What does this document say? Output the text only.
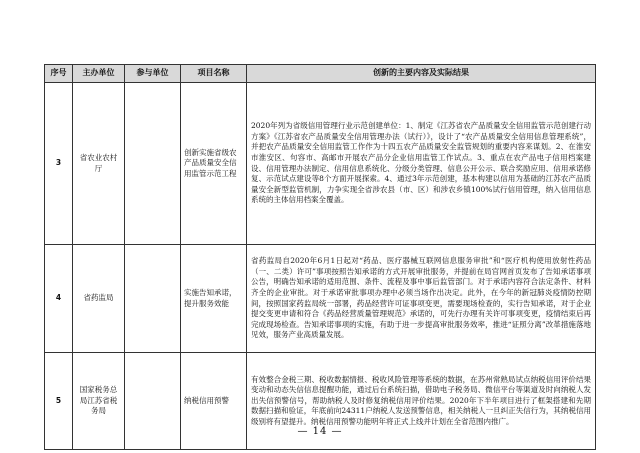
序号	主办单位	参与单位	项目名称	创新的主要内容及实际结果
3	省农业农村厅		创新实施省级农产品质量安全信用监管示范工程	2020年列为省级信用管理行业示范创建单位：1、制定《江苏省农产品质量安全信用监管示范创建行动方案》《江苏省农产品质量安全信用管理办法（试行）》，设计了“农产品质量安全信用信息管理系统”，并把农产品质量安全信用监管工作作为十四五农产品质量安全监管规划的重要内容来谋划。2、在淮安市淮安区、句容市、高邮市开展农产品分企业信用监管工作试点。3、重点在农产品电子信用档案建设、信用管理办法制定、信用信息系统化、分级分类管理、信息公开公示、联合奖励应用、信用承诺修复、示范试点建设等8个方面开展探索。4、通过3年示范创建，基本构建以信用为基础的江苏农产品质量安全新型监管机制，力争实现全省涉农县（市、区）和涉农乡镇100%试行信用管理，纳入信用信息系统的主体信用档案全覆盖。
4	省药监局		实施告知承诺，提升服务效能	省药监局自2020年6月1日起对“药品、医疗器械互联网信息服务审批”和“医疗机构使用放射性药品（一、二类）许可”事项按照告知承诺的方式开展审批服务，并提前在局官网首页发布了告知承诺事项公告，明确告知承诺的适用范围、条件、流程及事中事后监管部门。对于承诺内容符合法定条件、材料齐全的企业审批。对于承诺审批事项办理中必须当场作出决定。此外，在今年的新冠肺炎疫情防控期间，按照国家药监局统一部署，药品经营许可证事项变更，需要现场检查的，实行告知承诺，对于企业提交变更申请和符合《药品经营质量管理规范》承诺的，可先行办理有关许可事项变更，疫情结束后再完成现场检查。告知承诺事项的实施，有助于进一步提高审批服务效率，推进“证照分离”改革措施落地见效，服务产业高质量发展。
5	国家税务总局江苏省税务局		纳税信用预警	有效整合金税三期、税收数据情报、税收风险管理等系统的数据，在苏州常熟局试点纳税信用评价结果变动和动态失信信息提醒功能，通过后台系统扫描，借助电子税务局、微信平台等渠道及时向纳税人发出失信预警信号，帮助纳税人及时修复纳税信用评价结果。2020年下半年项目进行了框架搭建和先期数据扫描和验证，年底前向24311户纳税人发送预警信息，相关纳税人一旦纠正失信行为，其纳税信用级别将有望提升。纳税信用预警功能明年将正式上线并计划在全省范围内推广。
— 14 —
